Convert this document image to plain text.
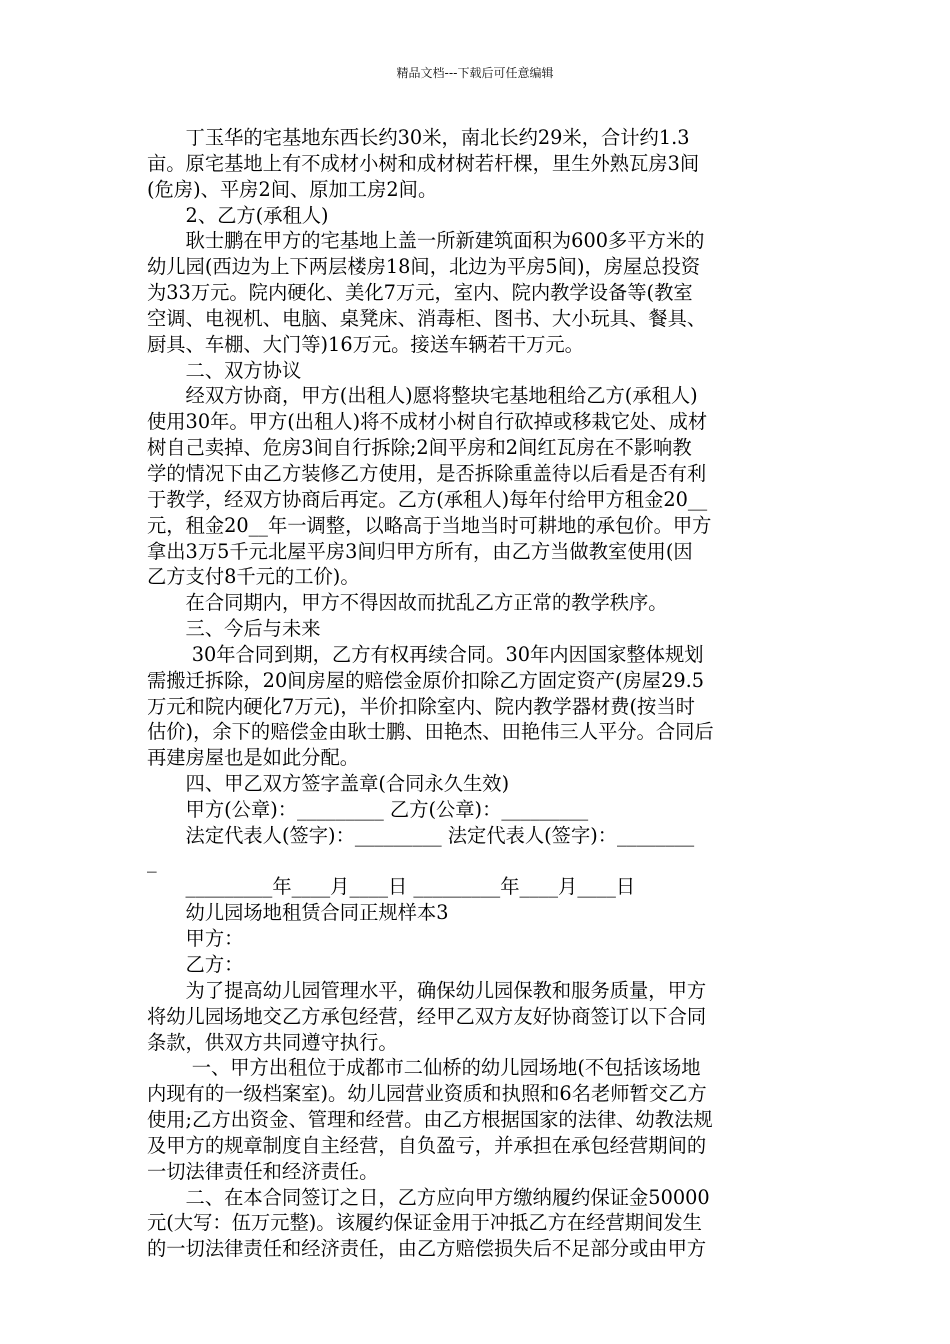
精品文档---下载后可任意编辑
　　丁玉华的宅基地东西长约30米，南北长约29米，合计约1.3
亩。原宅基地上有不成材小树和成材树若杆棵，里生外熟瓦房3间
(危房)、平房2间、原加工房2间。
　　2、乙方(承租人)
　　耿士鹏在甲方的宅基地上盖一所新建筑面积为600多平方米的
幼儿园(西边为上下两层楼房18间，北边为平房5间)，房屋总投资
为33万元。院内硬化、美化7万元，室内、院内教学设备等(教室
空调、电视机、电脑、桌凳床、消毒柜、图书、大小玩具、餐具、
厨具、车棚、大门等)16万元。接送车辆若干万元。
　　二、双方协议
　　经双方协商，甲方(出租人)愿将整块宅基地租给乙方(承租人)
使用30年。甲方(出租人)将不成材小树自行砍掉或移栽它处、成材
树自己卖掉、危房3间自行拆除;2间平房和2间红瓦房在不影响教
学的情况下由乙方装修乙方使用，是否拆除重盖待以后看是否有利
于教学，经双方协商后再定。乙方(承租人)每年付给甲方租金20__
元，租金20__年一调整，以略高于当地当时可耕地的承包价。甲方
拿出3万5千元北屋平房3间归甲方所有，由乙方当做教室使用(因
乙方支付8千元的工价)。
　　在合同期内，甲方不得因故而扰乱乙方正常的教学秩序。
　　三、今后与未来
　　 30年合同到期，乙方有权再续合同。30年内因国家整体规划
需搬迁拆除，20间房屋的赔偿金原价扣除乙方固定资产(房屋29.5
万元和院内硬化7万元)，半价扣除室内、院内教学器材费(按当时
估价)，余下的赔偿金由耿士鹏、田艳杰、田艳伟三人平分。合同后
再建房屋也是如此分配。
　　四、甲乙双方签字盖章(合同永久生效)
　　甲方(公章)：_________ 乙方(公章)：_________
　　法定代表人(签字)：_________ 法定代表人(签字)：________
_
　　_________年____月____日 _________年____月____日
　　幼儿园场地租赁合同正规样本3
　　甲方：
　　乙方：
　　为了提高幼儿园管理水平，确保幼儿园保教和服务质量，甲方
将幼儿园场地交乙方承包经营，经甲乙双方友好协商签订以下合同
条款，供双方共同遵守执行。
　　 一、甲方出租位于成都市二仙桥的幼儿园场地(不包括该场地
内现有的一级档案室)。幼儿园营业资质和执照和6名老师暂交乙方
使用;乙方出资金、管理和经营。由乙方根据国家的法律、幼教法规
及甲方的规章制度自主经营，自负盈亏，并承担在承包经营期间的
一切法律责任和经济责任。
　　二、在本合同签订之日，乙方应向甲方缴纳履约保证金50000
元(大写：伍万元整)。该履约保证金用于冲抵乙方在经营期间发生
的一切法律责任和经济责任，由乙方赔偿损失后不足部分或由甲方
